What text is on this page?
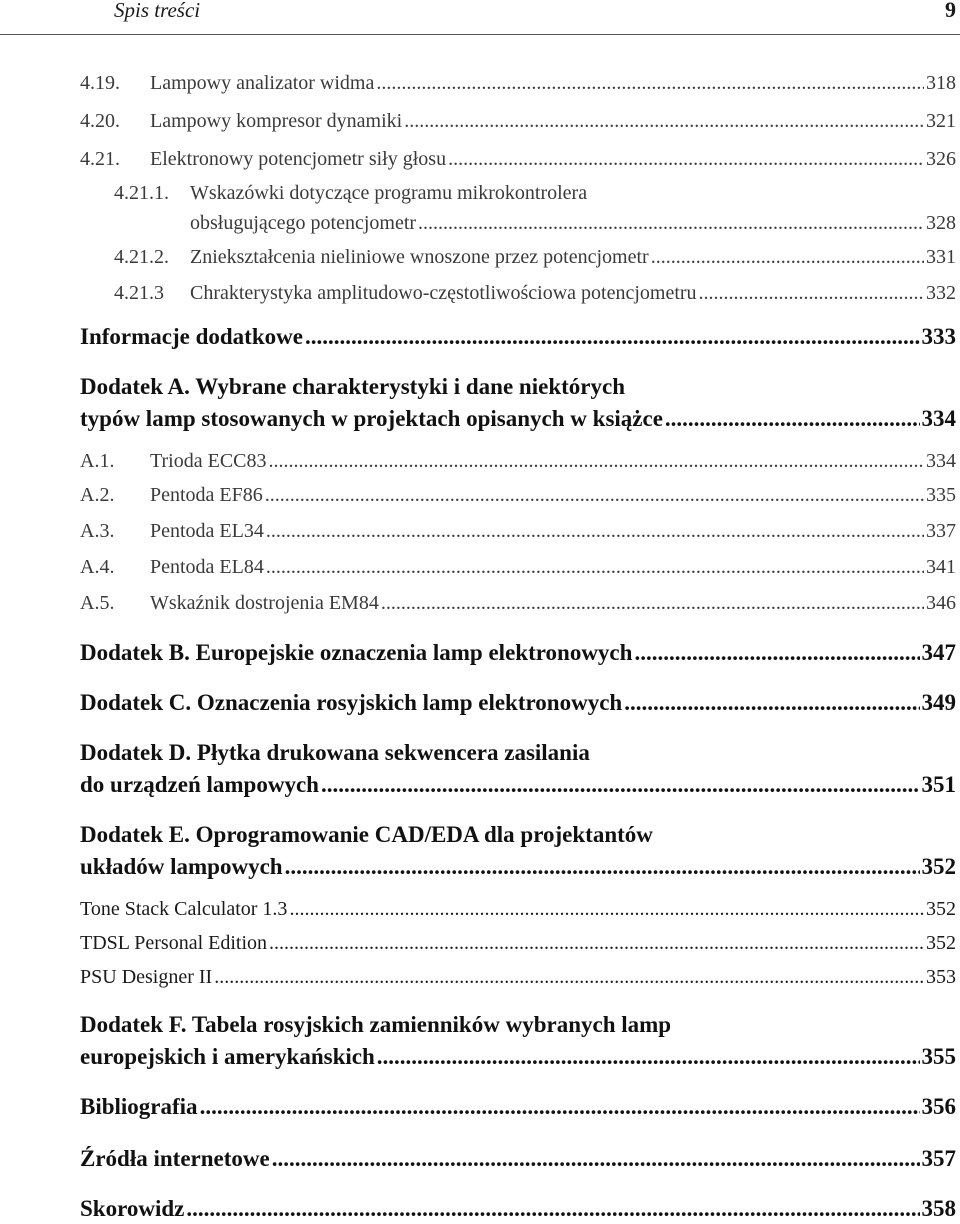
Spis treści	9
4.19.	Lampowy analizator widma .....	318
4.20.	Lampowy kompresor dynamiki .....	321
4.21.	Elektronowy potencjometr siły głosu .....	326
4.21.1. Wskazówki dotyczące programu mikrokontrolera
obsługującego potencjometr .....	328
4.21.2.	Zniekształcenia nieliniowe wnoszone przez potencjometr .....	331
4.21.3	Chrakterystyka amplitudowo-częstotliwościowa potencjometru .....	332
Informacje dodatkowe .....	333
Dodatek A. Wybrane charakterystyki i dane niektórych
typów lamp stosowanych w projektach opisanych w książce .....	334
A.1.	Trioda ECC83 .....	334
A.2.	Pentoda EF86 .....	335
A.3.	Pentoda EL34 .....	337
A.4.	Pentoda EL84 .....	341
A.5.	Wskaźnik dostrojenia EM84 .....	346
Dodatek B. Europejskie oznaczenia lamp elektronowych .....	347
Dodatek C. Oznaczenia rosyjskich lamp elektronowych .....	349
Dodatek D. Płytka drukowana sekwencera zasilania
do urządzeń lampowych .....	351
Dodatek E. Oprogramowanie CAD/EDA dla projektantów
układów lampowych .....	352
Tone Stack Calculator 1.3 .....	352
TDSL Personal Edition .....	352
PSU Designer II .....	353
Dodatek F. Tabela rosyjskich zamienników wybranych lamp
europejskich i amerykańskich .....	355
Bibliografia .....	356
Źródła internetowe .....	357
Skorowidz .....	358
